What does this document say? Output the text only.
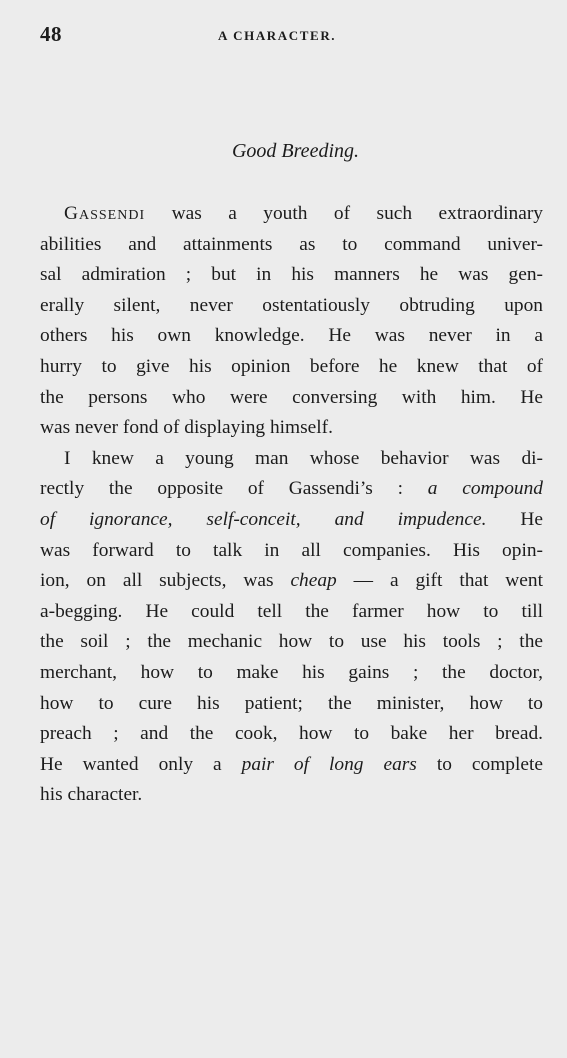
48	A CHARACTER.
Good Breeding.
Gassendi was a youth of such extraordinary
abilities and attainments as to command univer-
sal admiration ; but in his manners he was gen-
erally silent, never ostentatiously obtruding upon
others his own knowledge. He was never in a
hurry to give his opinion before he knew that of
the persons who were conversing with him. He
was never fond of displaying himself.
I knew a young man whose behavior was di-
rectly the opposite of Gassendi’s : a compound
of ignorance, self-conceit, and impudence. He
was forward to talk in all companies. His opin-
ion, on all subjects, was cheap — a gift that went
a-begging. He could tell the farmer how to till
the soil ; the mechanic how to use his tools ; the
merchant, how to make his gains ; the doctor,
how to cure his patient; the minister, how to
preach ; and the cook, how to bake her bread.
He wanted only a pair of long ears to complete
his character.
